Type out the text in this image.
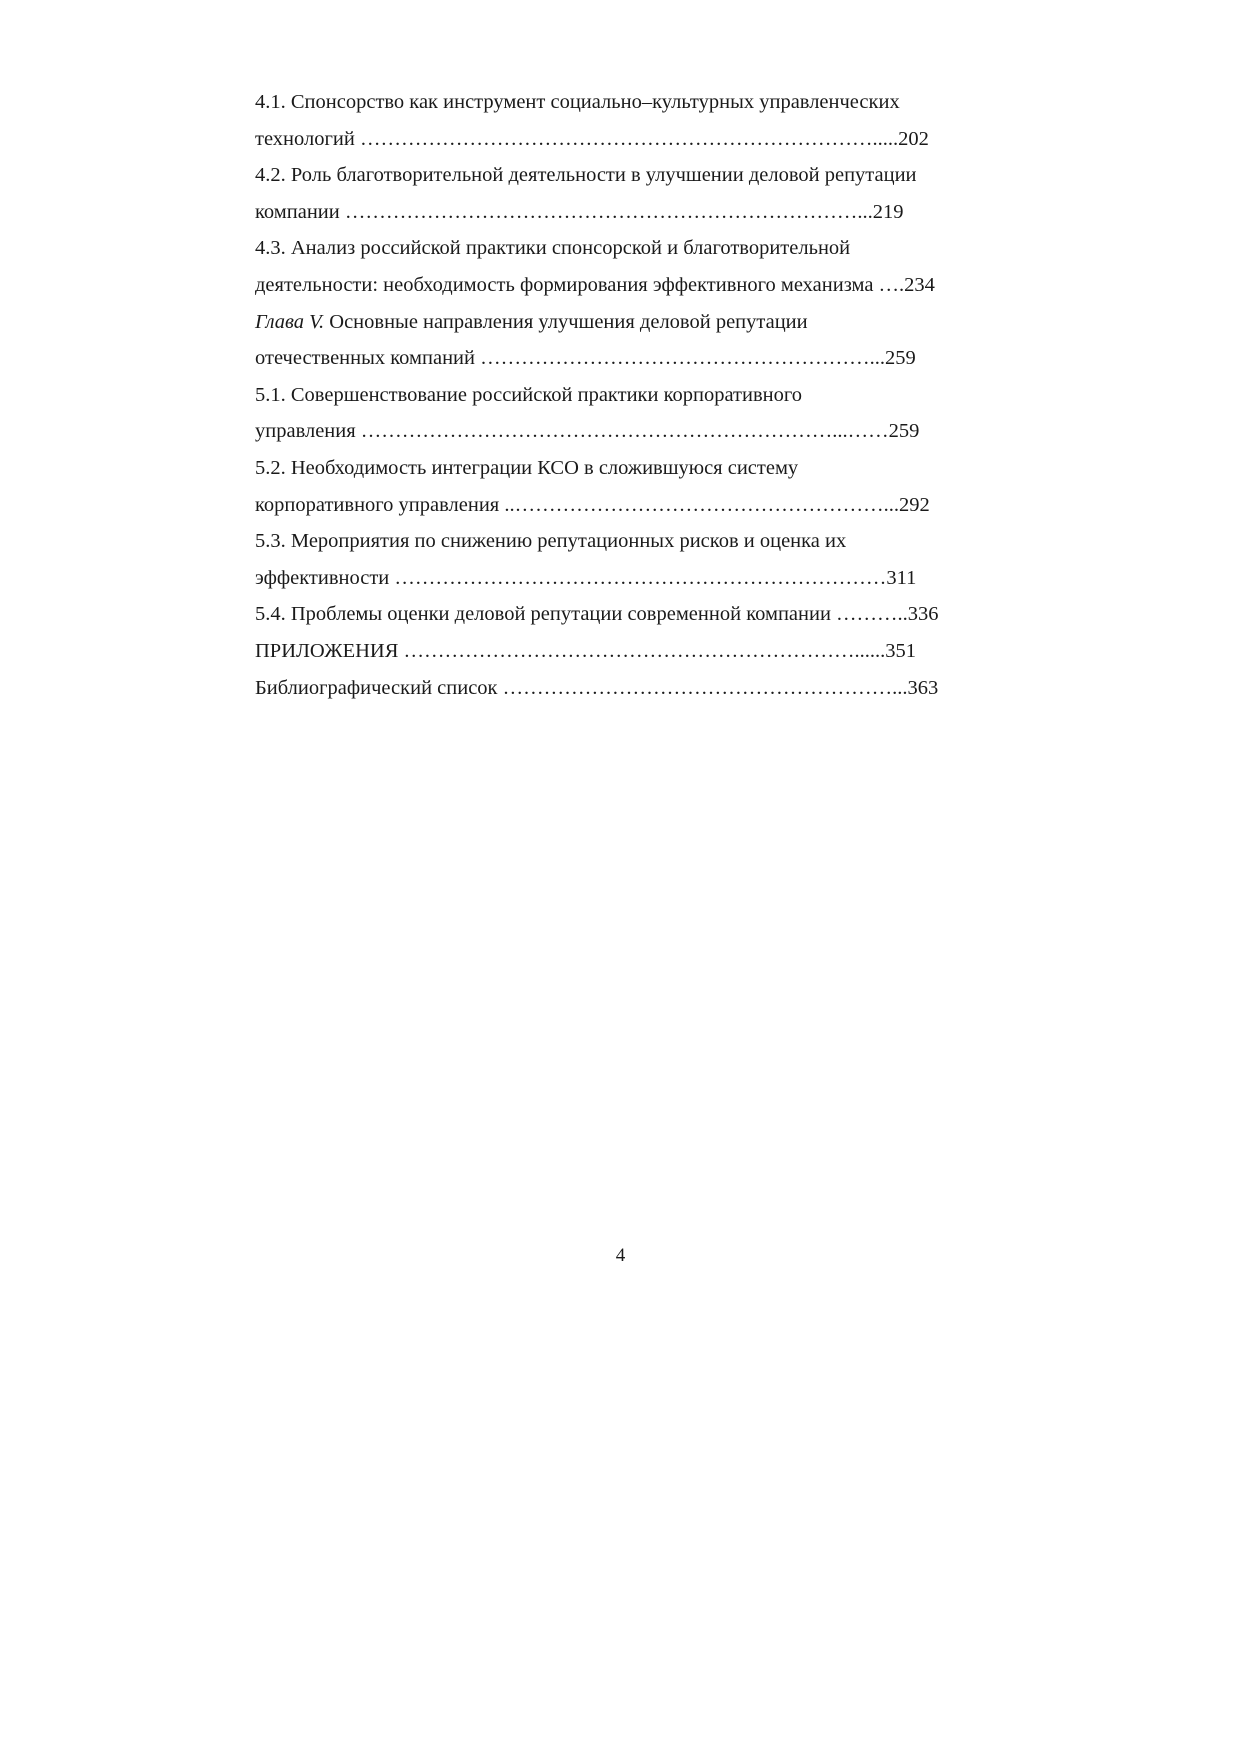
4.1. Спонсорство как инструмент социально–культурных управленческих
технологий ………………………………………………………………….....202
4.2. Роль благотворительной деятельности в улучшении деловой репутации
компании …………………………………………………………………...219
4.3. Анализ российской практики спонсорской и благотворительной
деятельности: необходимость формирования эффективного механизма ….234
Глава V. Основные направления улучшения деловой репутации
отечественных компаний …………………………………………………...259
5.1. Совершенствование российской практики корпоративного
управления ……………………………………………………………...……259
5.2. Необходимость интеграции КСО в сложившуюся систему
корпоративного управления ..………………………………………………...292
5.3. Мероприятия по снижению репутационных рисков и оценка их
эффективности ………………………………………………………………311
5.4. Проблемы оценки деловой репутации современной компании ………..336
ПРИЛОЖЕНИЯ …………………………………………………………......351
Библиографический список …………………………………………………...363
4
